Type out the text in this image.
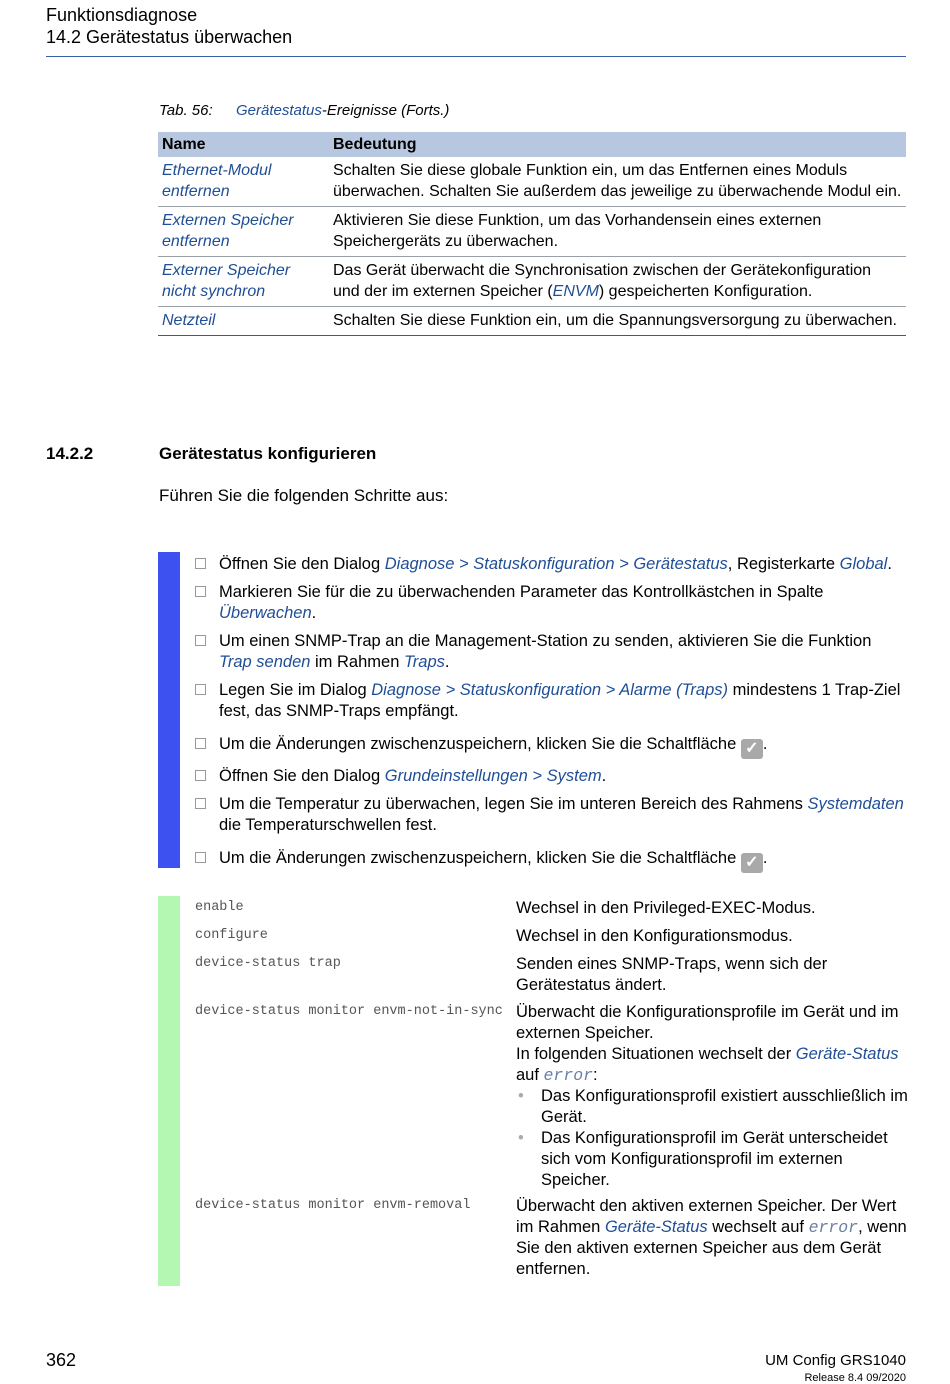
Funktionsdiagnose
14.2 Gerätestatus überwachen
Tab. 56: Gerätestatus-Ereignisse (Forts.)
Name	Bedeutung
Ethernet-Modul entfernen	Schalten Sie diese globale Funktion ein, um das Entfernen eines Moduls überwachen. Schalten Sie außerdem das jeweilige zu überwachende Modul ein.
Externen Speicher entfernen	Aktivieren Sie diese Funktion, um das Vorhandensein eines externen Speichergeräts zu überwachen.
Externer Speicher nicht synchron	Das Gerät überwacht die Synchronisation zwischen der Gerätekonfiguration und der im externen Speicher (ENVM) gespeicherten Konfiguration.
Netzteil	Schalten Sie diese Funktion ein, um die Spannungsversorgung zu überwachen.
14.2.2	Gerätestatus konfigurieren
Führen Sie die folgenden Schritte aus:
Öffnen Sie den Dialog Diagnose > Statuskonfiguration > Gerätestatus, Registerkarte Global.
Markieren Sie für die zu überwachenden Parameter das Kontrollkästchen in Spalte Überwachen.
Um einen SNMP-Trap an die Management-Station zu senden, aktivieren Sie die Funktion Trap senden im Rahmen Traps.
Legen Sie im Dialog Diagnose > Statuskonfiguration > Alarme (Traps) mindestens 1 Trap-Ziel fest, das SNMP-Traps empfängt.
Um die Änderungen zwischenzuspeichern, klicken Sie die Schaltfläche ✓ .
Öffnen Sie den Dialog Grundeinstellungen > System.
Um die Temperatur zu überwachen, legen Sie im unteren Bereich des Rahmens Systemdaten die Temperaturschwellen fest.
Um die Änderungen zwischenzuspeichern, klicken Sie die Schaltfläche ✓ .
enable	Wechsel in den Privileged-EXEC-Modus.
configure	Wechsel in den Konfigurationsmodus.
device-status trap	Senden eines SNMP-Traps, wenn sich der Gerätestatus ändert.
device-status monitor envm-not-in-sync Überwacht die Konfigurationsprofile im Gerät und im externen Speicher.
In folgenden Situationen wechselt der Geräte-Status auf error:
• Das Konfigurationsprofil existiert ausschließlich im Gerät.
• Das Konfigurationsprofil im Gerät unterscheidet sich vom Konfigurationsprofil im externen Speicher.
device-status monitor envm-removal	Überwacht den aktiven externen Speicher. Der Wert im Rahmen Geräte-Status wechselt auf error, wenn Sie den aktiven externen Speicher aus dem Gerät entfernen.
362	UM Config GRS1040
Release 8.4 09/2020
